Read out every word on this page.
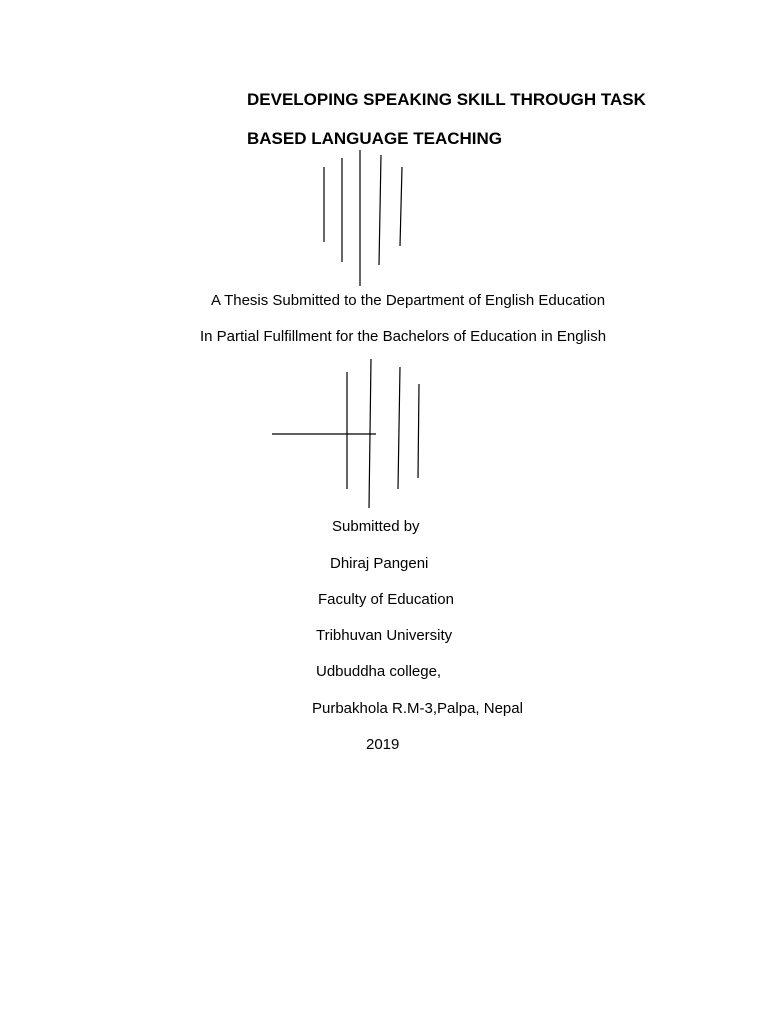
DEVELOPING SPEAKING SKILL THROUGH TASK
BASED LANGUAGE TEACHING
A Thesis Submitted to the Department of English Education
In Partial Fulfillment for the Bachelors of Education in English
Submitted by
Dhiraj Pangeni
Faculty of Education
Tribhuvan University
Udbuddha college,
Purbakhola R.M-3,Palpa, Nepal
2019
